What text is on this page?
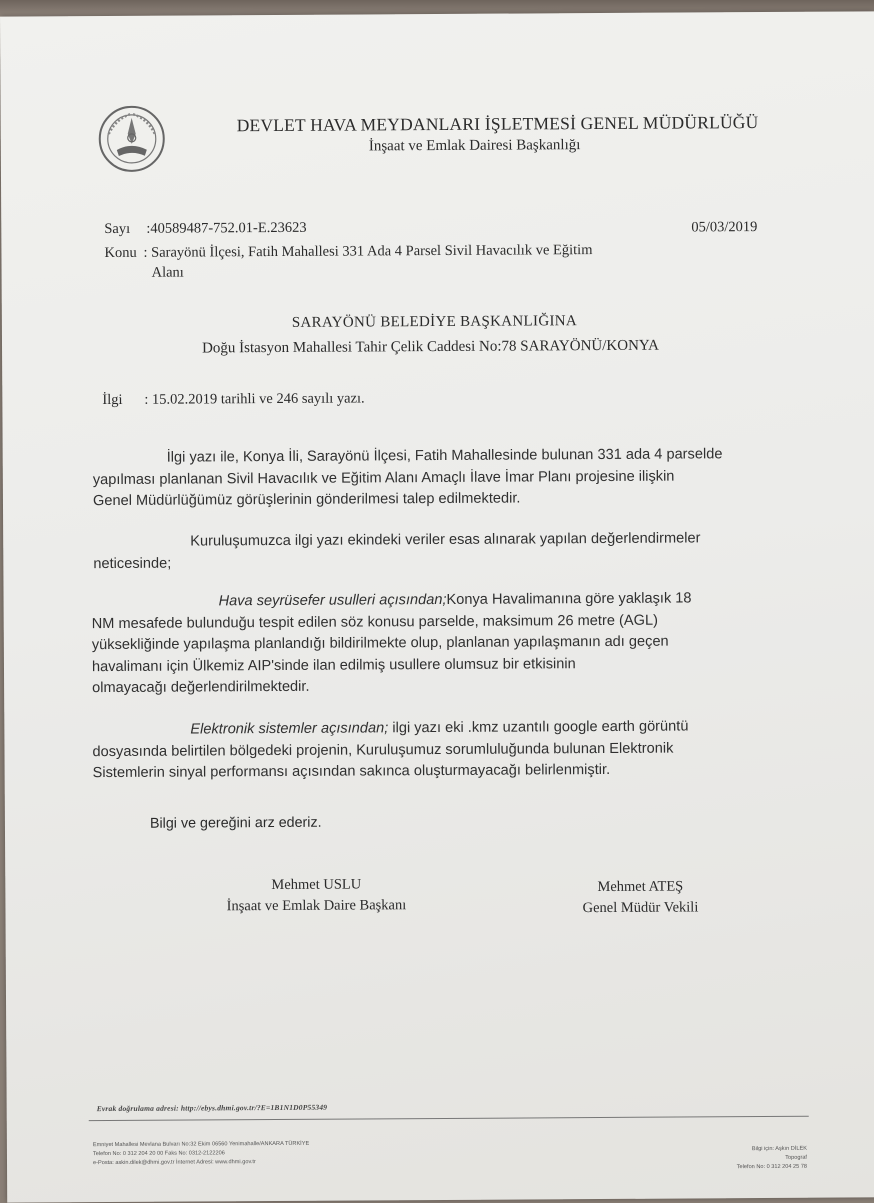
DEVLET HAVA MEYDANLARI İŞLETMESİ GENEL MÜDÜRLÜĞÜ
İnşaat ve Emlak Dairesi Başkanlığı
Sayı :40589487-752.01-E.23623	05/03/2019
Konu : Sarayönü İlçesi, Fatih Mahallesi 331 Ada 4 Parsel Sivil Havacılık ve Eğitim
Alanı
SARAYÖNÜ BELEDİYE BAŞKANLIĞINA
Doğu İstasyon Mahallesi Tahir Çelik Caddesi No:78 SARAYÖNÜ/KONYA
İlgi : 15.02.2019 tarihli ve 246 sayılı yazı.
İlgi yazı ile, Konya İli, Sarayönü İlçesi, Fatih Mahallesinde bulunan 331 ada 4 parselde
yapılması planlanan Sivil Havacılık ve Eğitim Alanı Amaçlı İlave İmar Planı projesine ilişkin
Genel Müdürlüğümüz görüşlerinin gönderilmesi talep edilmektedir.
Kuruluşumuzca ilgi yazı ekindeki veriler esas alınarak yapılan değerlendirmeler
neticesinde;
Hava seyrüsefer usulleri açısından;Konya Havalimanına göre yaklaşık 18
NM mesafede bulunduğu tespit edilen söz konusu parselde, maksimum 26 metre (AGL)
yüksekliğinde yapılaşma planlandığı bildirilmekte olup, planlanan yapılaşmanın adı geçen
havalimanı için Ülkemiz AIP'sinde ilan edilmiş usullere olumsuz bir etkisinin
olmayacağı değerlendirilmektedir.
Elektronik sistemler açısından; ilgi yazı eki .kmz uzantılı google earth görüntü
dosyasında belirtilen bölgedeki projenin, Kuruluşumuz sorumluluğunda bulunan Elektronik
Sistemlerin sinyal performansı açısından sakınca oluşturmayacağı belirlenmiştir.
Bilgi ve gereğini arz ederiz.
Mehmet USLU
İnşaat ve Emlak Daire Başkanı
Mehmet ATEŞ
Genel Müdür Vekili
Evrak doğrulama adresi: http://ebys.dhmi.gov.tr/?E=1B1N1D0P55349
Emniyet Mahallesi Mevlana Bulvarı No:32 Ekim 06560 Yenimahalle/ANKARA TÜRKİYE
Telefon No: 0 312 204 20 00 Faks No: 0312-2122206
e-Posta: askin.dilek@dhmi.gov.tr İnternet Adresi: www.dhmi.gov.tr
Bilgi için: Aşkın DİLEK
Topograf
Telefon No: 0 312 204 25 78
